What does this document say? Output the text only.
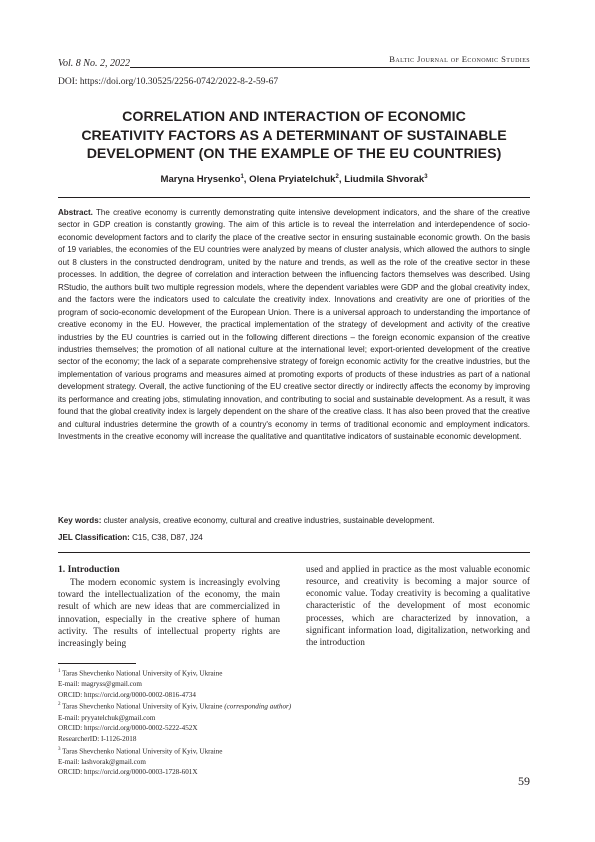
Vol. 8 No. 2, 2022	Baltic Journal of Economic Studies
DOI: https://doi.org/10.30525/2256-0742/2022-8-2-59-67
CORRELATION AND INTERACTION OF ECONOMIC
CREATIVITY FACTORS AS A DETERMINANT OF SUSTAINABLE
DEVELOPMENT (ON THE EXAMPLE OF THE EU COUNTRIES)
Maryna Hrysenko$^1$, Olena Pryiatelchuk$^2$, Liudmila Shvorak$^3$
Abstract. The creative economy is currently demonstrating quite intensive development indicators, and the share of the creative sector in GDP creation is constantly growing. The aim of this article is to reveal the interrelation and interdependence of socio-economic development factors and to clarify the place of the creative sector in ensuring sustainable economic growth. On the basis of 19 variables, the economies of the EU countries were analyzed by means of cluster analysis, which allowed the authors to single out 8 clusters in the constructed dendrogram, united by the nature and trends, as well as the role of the creative sector in these processes. In addition, the degree of correlation and interaction between the influencing factors themselves was described. Using RStudio, the authors built two multiple regression models, where the dependent variables were GDP and the global creativity index, and the factors were the indicators used to calculate the creativity index. Innovations and creativity are one of priorities of the program of socio-economic development of the European Union. There is a universal approach to understanding the importance of creative economy in the EU. However, the practical implementation of the strategy of development and activity of the creative industries by the EU countries is carried out in the following different directions – the foreign economic expansion of the creative industries themselves; the promotion of all national culture at the international level; export-oriented development of the creative sector of the economy; the lack of a separate comprehensive strategy of foreign economic activity for the creative industries, but the implementation of various programs and measures aimed at promoting exports of products of these industries as part of a national development strategy. Overall, the active functioning of the EU creative sector directly or indirectly affects the economy by improving its performance and creating jobs, stimulating innovation, and contributing to social and sustainable development. As a result, it was found that the global creativity index is largely dependent on the share of the creative class. It has also been proved that the creative and cultural industries determine the growth of a country's economy in terms of traditional economic and employment indicators. Investments in the creative economy will increase the qualitative and quantitative indicators of sustainable economic development.
Key words: cluster analysis, creative economy, cultural and creative industries, sustainable development.
JEL Classification: C15, C38, D87, J24
1. Introduction
The modern economic system is increasingly evolving toward the intellectualization of the economy, the main result of which are new ideas that are commercialized in innovation, especially in the creative sphere of human activity. The results of intellectual property rights are increasingly being
used and applied in practice as the most valuable economic resource, and creativity is becoming a major source of economic value. Today creativity is becoming a qualitative characteristic of the development of most economic processes, which are characterized by innovation, a significant information load, digitalization, networking and the introduction
$^1$ Taras Shevchenko National University of Kyiv, Ukraine
E-mail: magryss@gmail.com
ORCID: https://orcid.org/0000-0002-0816-4734
$^2$ Taras Shevchenko National University of Kyiv, Ukraine (corresponding author)
E-mail: pryyatelchuk@gmail.com
ORCID: https://orcid.org/0000-0002-5222-452X
ResearcherID: I-1126-2018
$^3$ Taras Shevchenko National University of Kyiv, Ukraine
E-mail: lashvorak@gmail.com
ORCID: https://orcid.org/0000-0003-1728-601X
59
